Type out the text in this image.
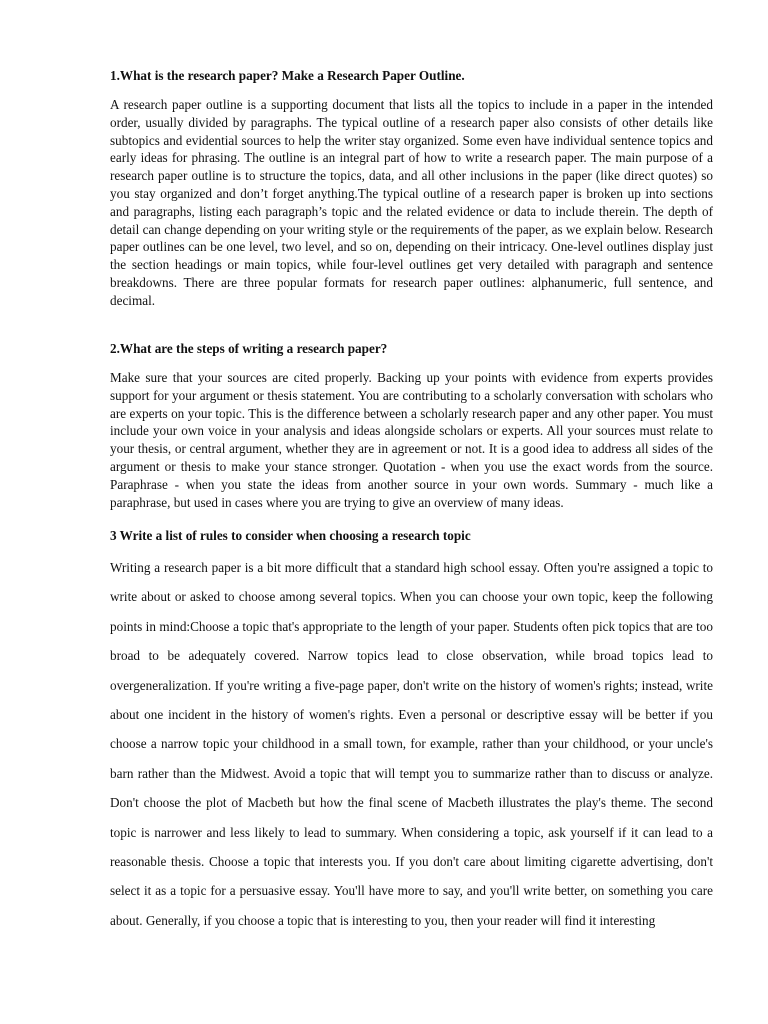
1.What is the research paper? Make a Research Paper Outline.

A research paper outline is a supporting document that lists all the topics to include in a paper in the intended order, usually divided by paragraphs. The typical outline of a research paper also consists of other details like subtopics and evidential sources to help the writer stay organized. Some even have individual sentence topics and early ideas for phrasing. The outline is an integral part of how to write a research paper. The main purpose of a research paper outline is to structure the topics, data, and all other inclusions in the paper (like direct quotes) so you stay organized and don’t forget anything.The typical outline of a research paper is broken up into sections and paragraphs, listing each paragraph’s topic and the related evidence or data to include therein. The depth of detail can change depending on your writing style or the requirements of the paper, as we explain below. Research paper outlines can be one level, two level, and so on, depending on their intricacy. One-level outlines display just the section headings or main topics, while four-level outlines get very detailed with paragraph and sentence breakdowns. There are three popular formats for research paper outlines: alphanumeric, full sentence, and decimal.

2.What are the steps of writing a research paper?

Make sure that your sources are cited properly. Backing up your points with evidence from experts provides support for your argument or thesis statement. You are contributing to a scholarly conversation with scholars who are experts on your topic. This is the difference between a scholarly research paper and any other paper. You must include your own voice in your analysis and ideas alongside scholars or experts. All your sources must relate to your thesis, or central argument, whether they are in agreement or not. It is a good idea to address all sides of the argument or thesis to make your stance stronger. Quotation - when you use the exact words from the source. Paraphrase - when you state the ideas from another source in your own words. Summary - much like a paraphrase, but used in cases where you are trying to give an overview of many ideas.

3 Write a list of rules to consider when choosing a research topic

Writing a research paper is a bit more difficult that a standard high school essay. Often you're assigned a topic to write about or asked to choose among several topics. When you can choose your own topic, keep the following points in mind:Choose a topic that's appropriate to the length of your paper. Students often pick topics that are too broad to be adequately covered. Narrow topics lead to close observation, while broad topics lead to overgeneralization. If you're writing a five-page paper, don't write on the history of women's rights; instead, write about one incident in the history of women's rights. Even a personal or descriptive essay will be better if you choose a narrow topic your childhood in a small town, for example, rather than your childhood, or your uncle's barn rather than the Midwest. Avoid a topic that will tempt you to summarize rather than to discuss or analyze. Don't choose the plot of Macbeth but how the final scene of Macbeth illustrates the play's theme. The second topic is narrower and less likely to lead to summary. When considering a topic, ask yourself if it can lead to a reasonable thesis. Choose a topic that interests you. If you don't care about limiting cigarette advertising, don't select it as a topic for a persuasive essay. You'll have more to say, and you'll write better, on something you care about. Generally, if you choose a topic that is interesting to you, then your reader will find it interesting
